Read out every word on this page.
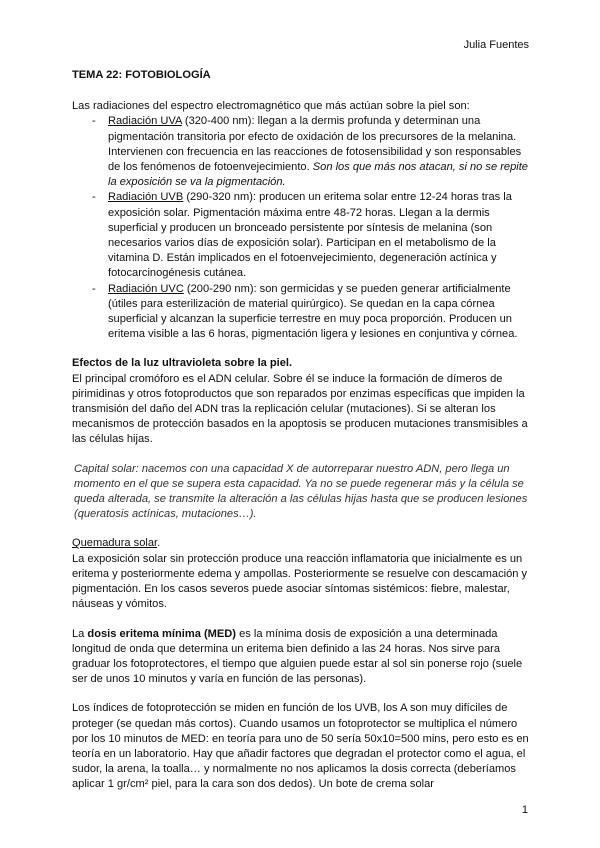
Julia Fuentes

TEMA 22: FOTOBIOLOGÍA

Las radiaciones del espectro electromagnético que más actúan sobre la piel son:

- Radiación UVA (320-400 nm): llegan a la dermis profunda y determinan una pigmentación transitoria por efecto de oxidación de los precursores de la melanina. Intervienen con frecuencia en las reacciones de fotosensibilidad y son responsables de los fenómenos de fotoenvejecimiento. Son los que más nos atacan, si no se repite la exposición se va la pigmentación.
- Radiación UVB (290-320 nm): producen un eritema solar entre 12-24 horas tras la exposición solar. Pigmentación máxima entre 48-72 horas. Llegan a la dermis superficial y producen un bronceado persistente por síntesis de melanina (son necesarios varios días de exposición solar). Participan en el metabolismo de la vitamina D. Están implicados en el fotoenvejecimiento, degeneración actínica y fotocarcinogénesis cutánea.
- Radiación UVC (200-290 nm): son germicidas y se pueden generar artificialmente (útiles para esterilización de material quirúrgico). Se quedan en la capa córnea superficial y alcanzan la superficie terrestre en muy poca proporción. Producen un eritema visible a las 6 horas, pigmentación ligera y lesiones en conjuntiva y córnea.

Efectos de la luz ultravioleta sobre la piel.

El principal cromóforo es el ADN celular. Sobre él se induce la formación de dímeros de pirimidinas y otros fotoproductos que son reparados por enzimas específicas que impiden la transmisión del daño del ADN tras la replicación celular (mutaciones). Si se alteran los mecanismos de protección basados en la apoptosis se producen mutaciones transmisibles a las células hijas.

Capital solar: nacemos con una capacidad X de autorreparar nuestro ADN, pero llega un momento en el que se supera esta capacidad. Ya no se puede regenerar más y la célula se queda alterada, se transmite la alteración a las células hijas hasta que se producen lesiones (queratosis actínicas, mutaciones…).

Quemadura solar.

La exposición solar sin protección produce una reacción inflamatoria que inicialmente es un eritema y posteriormente edema y ampollas. Posteriormente se resuelve con descamación y pigmentación. En los casos severos puede asociar síntomas sistémicos: fiebre, malestar, náuseas y vómitos.

La dosis eritema mínima (MED) es la mínima dosis de exposición a una determinada longitud de onda que determina un eritema bien definido a las 24 horas. Nos sirve para graduar los fotoprotectores, el tiempo que alguien puede estar al sol sin ponerse rojo (suele ser de unos 10 minutos y varía en función de las personas).

Los índices de fotoprotección se miden en función de los UVB, los A son muy difíciles de proteger (se quedan más cortos). Cuando usamos un fotoprotector se multiplica el número por los 10 minutos de MED: en teoría para uno de 50 sería 50x10=500 mins, pero esto es en teoría en un laboratorio. Hay que añadir factores que degradan el protector como el agua, el sudor, la arena, la toalla… y normalmente no nos aplicamos la dosis correcta (deberíamos aplicar 1 gr/cm² piel, para la cara son dos dedos). Un bote de crema solar

1
